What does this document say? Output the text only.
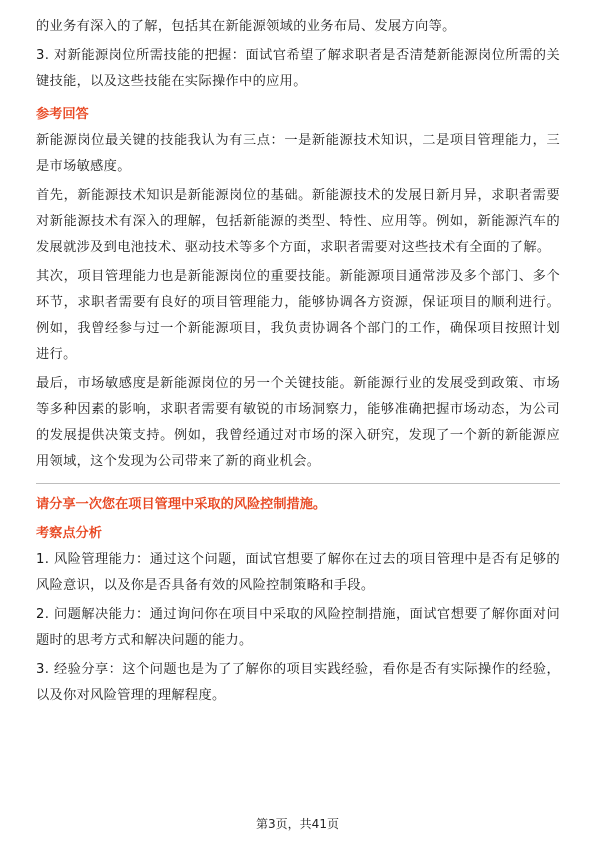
的业务有深入的了解，包括其在新能源领域的业务布局、发展方向等。

3. 对新能源岗位所需技能的把握：面试官希望了解求职者是否清楚新能源岗位所需的关键技能，以及这些技能在实际操作中的应用。

参考回答

新能源岗位最关键的技能我认为有三点：一是新能源技术知识，二是项目管理能力，三是市场敏感度。

首先，新能源技术知识是新能源岗位的基础。新能源技术的发展日新月异，求职者需要对新能源技术有深入的理解，包括新能源的类型、特性、应用等。例如，新能源汽车的发展就涉及到电池技术、驱动技术等多个方面，求职者需要对这些技术有全面的了解。

其次，项目管理能力也是新能源岗位的重要技能。新能源项目通常涉及多个部门、多个环节，求职者需要有良好的项目管理能力，能够协调各方资源，保证项目的顺利进行。例如，我曾经参与过一个新能源项目，我负责协调各个部门的工作，确保项目按照计划进行。

最后，市场敏感度是新能源岗位的另一个关键技能。新能源行业的发展受到政策、市场等多种因素的影响，求职者需要有敏锐的市场洞察力，能够准确把握市场动态，为公司的发展提供决策支持。例如，我曾经通过对市场的深入研究，发现了一个新的新能源应用领域，这个发现为公司带来了新的商业机会。

请分享一次您在项目管理中采取的风险控制措施。
考察点分析

1. 风险管理能力：通过这个问题，面试官想要了解你在过去的项目管理中是否有足够的风险意识，以及你是否具备有效的风险控制策略和手段。

2. 问题解决能力：通过询问你在项目中采取的风险控制措施，面试官想要了解你面对问题时的思考方式和解决问题的能力。

3. 经验分享：这个问题也是为了了解你的项目实践经验，看你是否有实际操作的经验，以及你对风险管理的理解程度。

第3页，共41页
